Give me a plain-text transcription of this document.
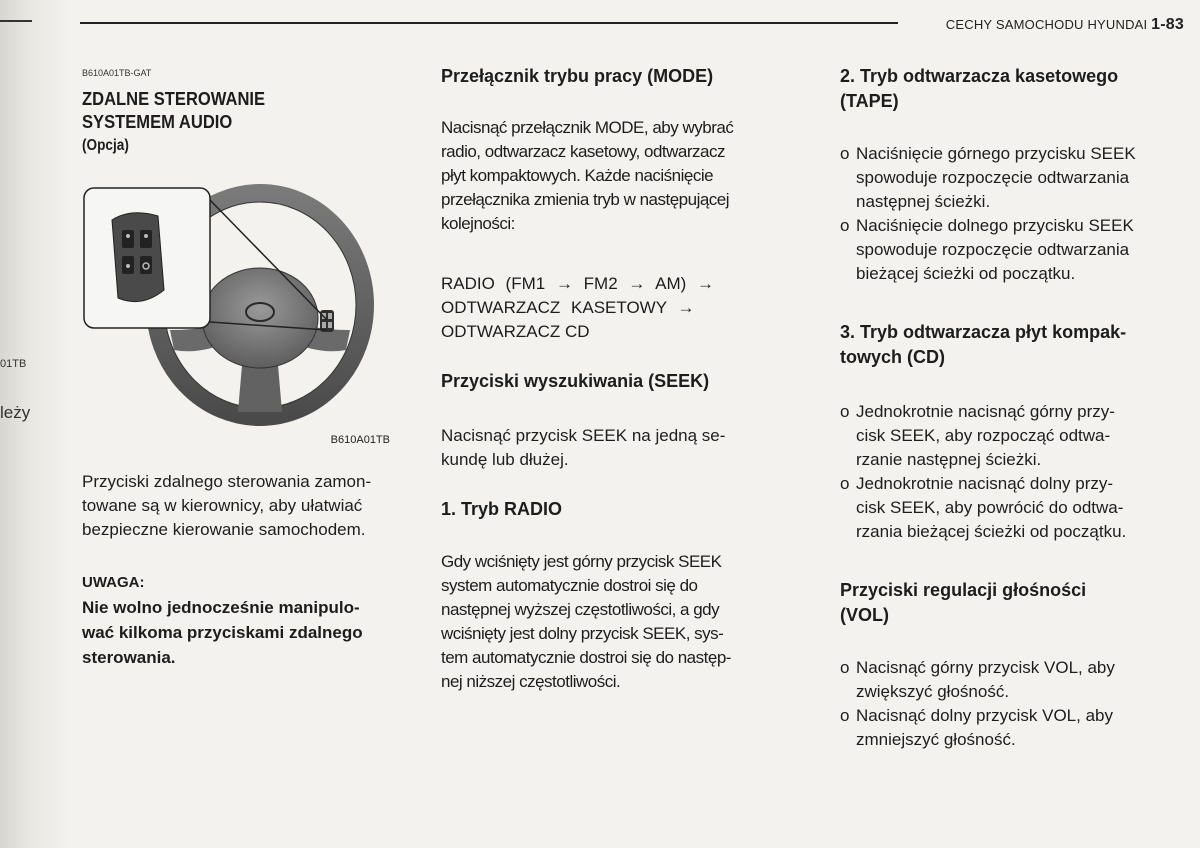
01TB
leży
CECHY SAMOCHODU HYUNDAI 1-83
B610A01TB-GAT
ZDALNE STEROWANIE
SYSTEMEM AUDIO
(Opcja)
B610A01TB
Przyciski zdalnego sterowania zamon-
towane są w kierownicy, aby ułatwiać
bezpieczne kierowanie samochodem.
UWAGA:
Nie wolno jednocześnie manipulo-
wać kilkoma przyciskami zdalnego
sterowania.
Przełącznik trybu pracy (MODE)
Nacisnąć przełącznik MODE, aby wybrać
radio, odtwarzacz kasetowy, odtwarzacz
płyt kompaktowych. Każde naciśnięcie
przełącznika zmienia tryb w następującej
kolejności:
RADIO (FM1 → FM2 → AM) →
ODTWARZACZ KASETOWY →
ODTWARZACZ CD
Przyciski wyszukiwania (SEEK)
Nacisnąć przycisk SEEK na jedną se-
kundę lub dłużej.
1. Tryb RADIO
Gdy wciśnięty jest górny przycisk SEEK
system automatycznie dostroi się do
następnej wyższej częstotliwości, a gdy
wciśnięty jest dolny przycisk SEEK, sys-
tem automatycznie dostroi się do następ-
nej niższej częstotliwości.
2. Tryb odtwarzacza kasetowego
(TAPE)
o Naciśnięcie górnego przycisku SEEK
spowoduje rozpoczęcie odtwarzania
następnej ścieżki.
o Naciśnięcie dolnego przycisku SEEK
spowoduje rozpoczęcie odtwarzania
bieżącej ścieżki od początku.
3. Tryb odtwarzacza płyt kompak-
towych (CD)
o Jednokrotnie nacisnąć górny przy-
cisk SEEK, aby rozpocząć odtwa-
rzanie następnej ścieżki.
o Jednokrotnie nacisnąć dolny przy-
cisk SEEK, aby powrócić do odtwa-
rzania bieżącej ścieżki od początku.
Przyciski regulacji głośności
(VOL)
o Nacisnąć górny przycisk VOL, aby
zwiększyć głośność.
o Nacisnąć dolny przycisk VOL, aby
zmniejszyć głośność.
